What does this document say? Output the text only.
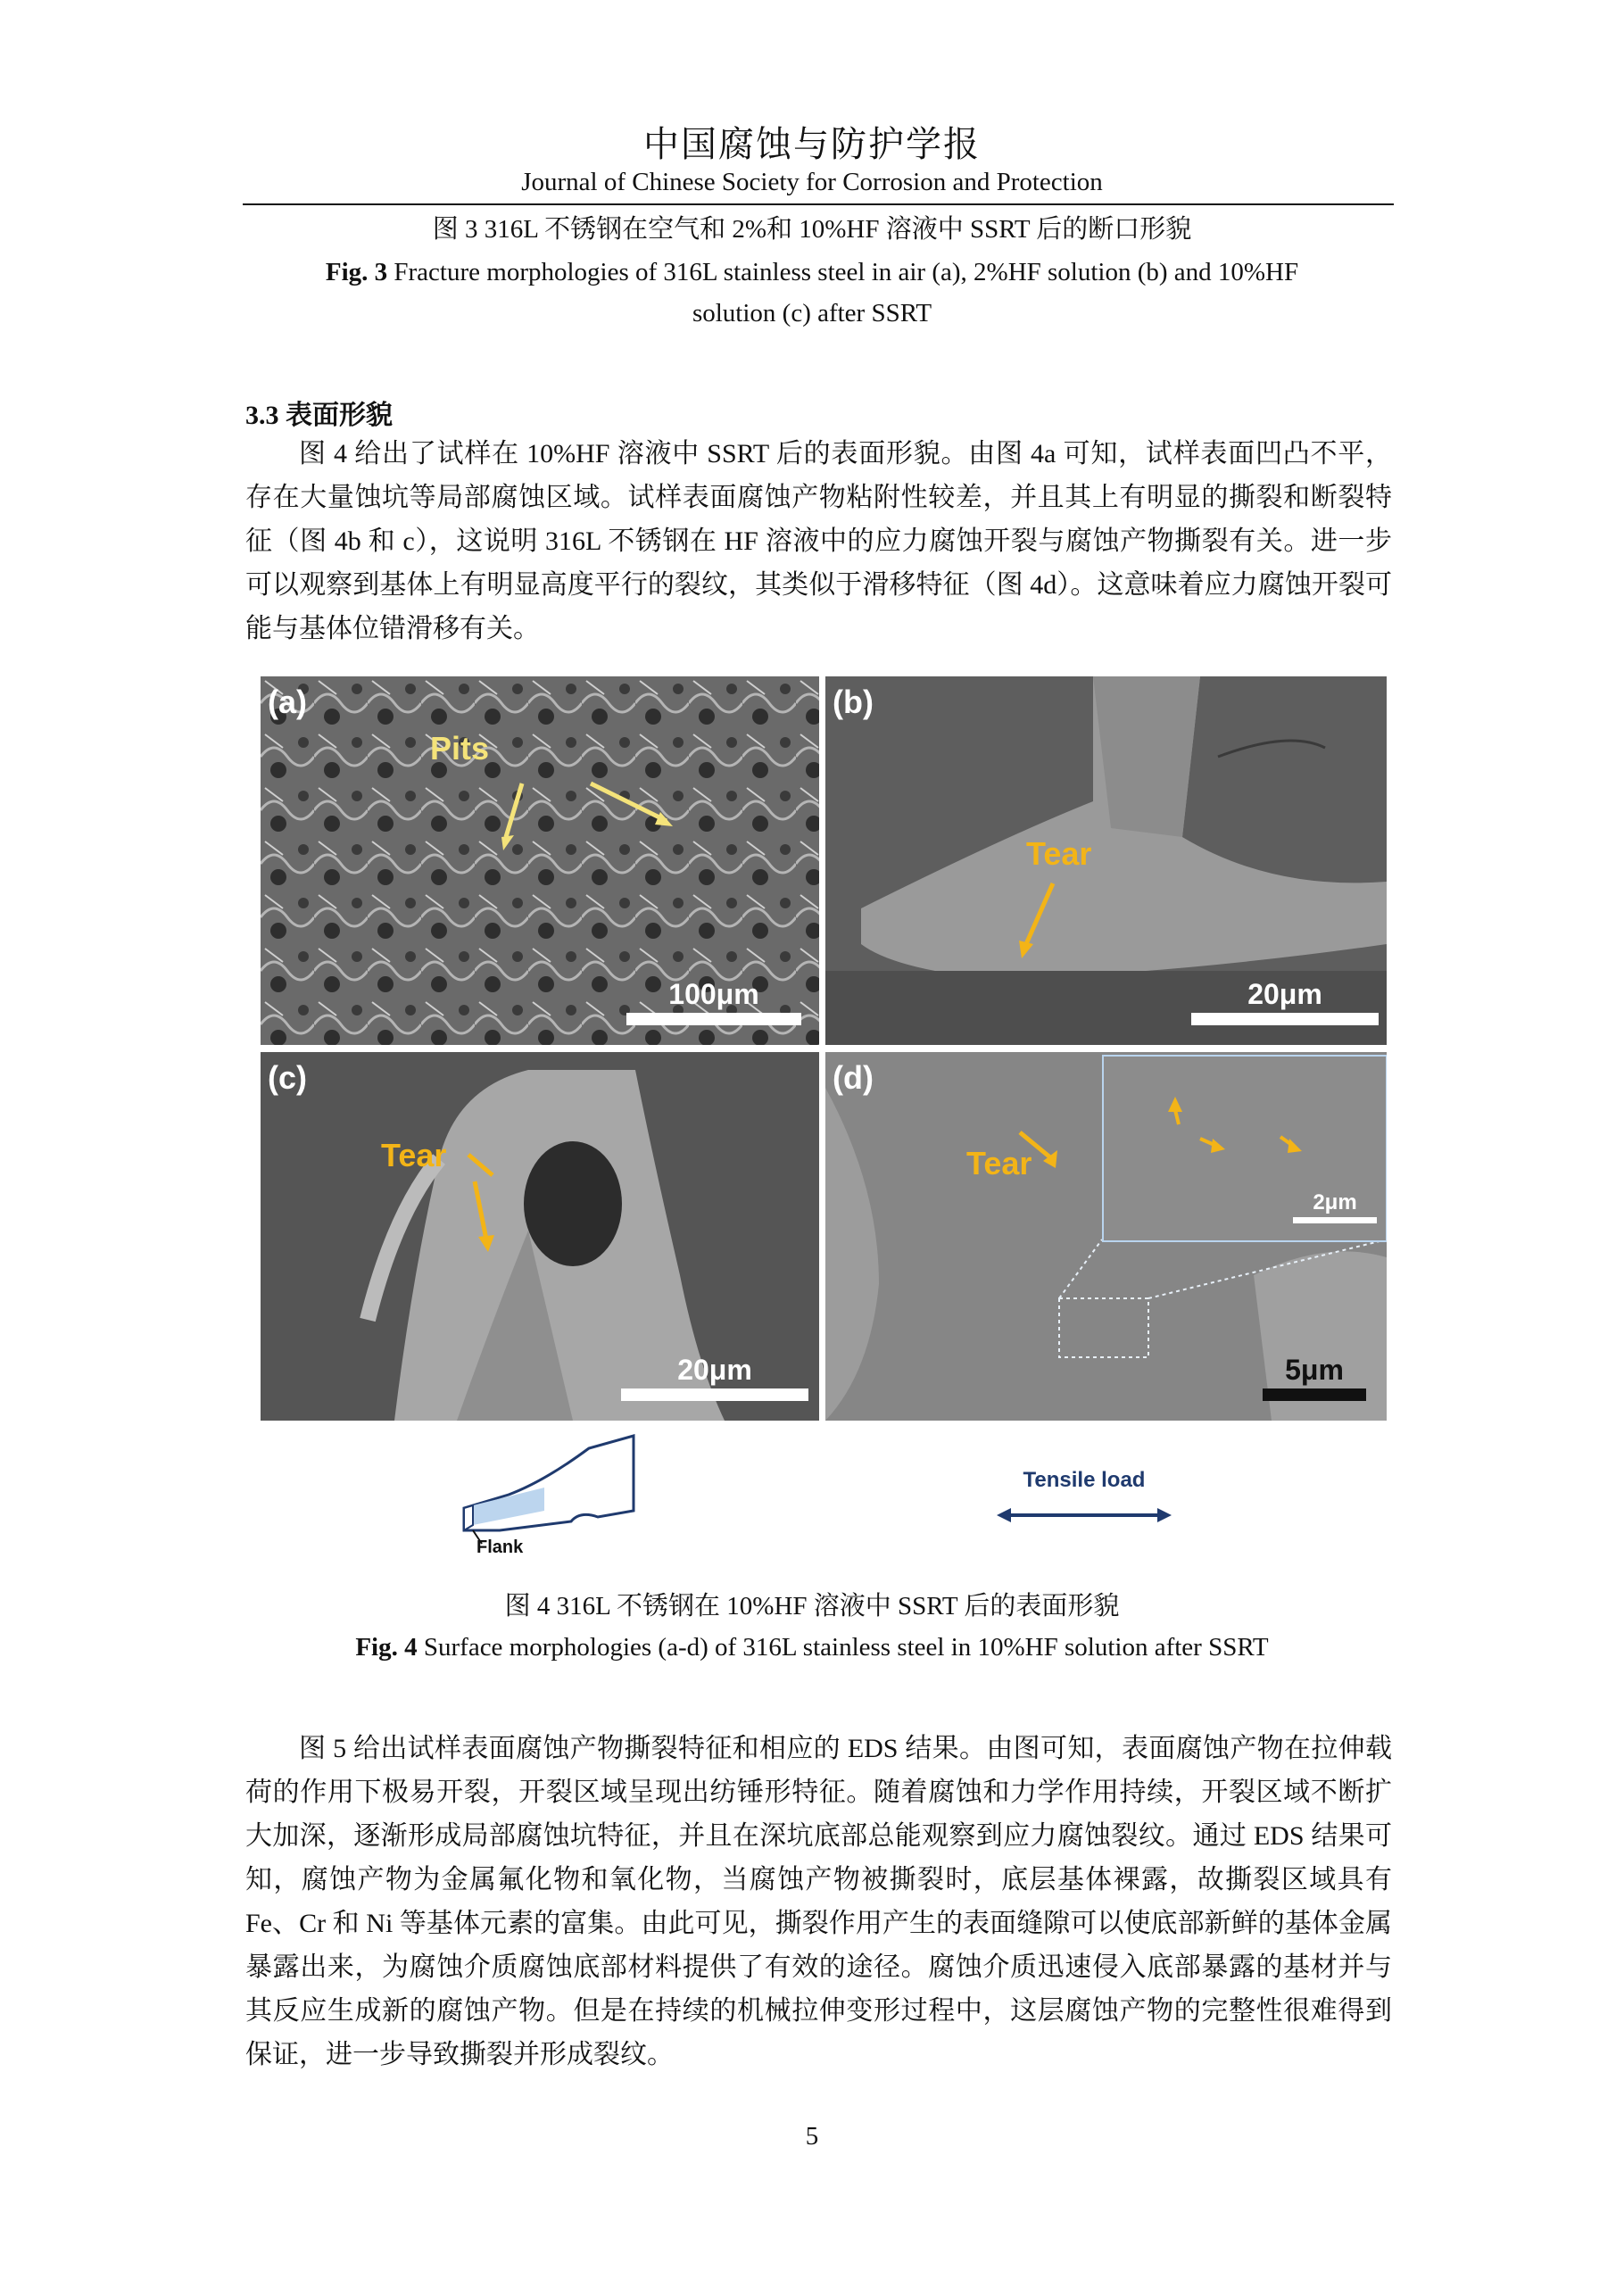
中国腐蚀与防护学报
Journal of Chinese Society for Corrosion and Protection
图 3 316L 不锈钢在空气和 2%和 10%HF 溶液中 SSRT 后的断口形貌
Fig. 3 Fracture morphologies of 316L stainless steel in air (a), 2%HF solution (b) and 10%HF
solution (c) after SSRT
3.3 表面形貌

图 4 给出了试样在 10%HF 溶液中 SSRT 后的表面形貌。由图 4a 可知，试样表面凹凸不平，存在大量蚀坑等局部腐蚀区域。试样表面腐蚀产物粘附性较差，并且其上有明显的撕裂和断裂特征（图 4b 和 c），这说明 316L 不锈钢在 HF 溶液中的应力腐蚀开裂与腐蚀产物撕裂有关。进一步可以观察到基体上有明显高度平行的裂纹，其类似于滑移特征（图 4d）。这意味着应力腐蚀开裂可能与基体位错滑移有关。

(a)
Pits
100μm
(b)
Tear
20μm
(c)
Tear
20μm
(d)
Tear
2μm
5μm
Flank
Tensile load
图 4 316L 不锈钢在 10%HF 溶液中 SSRT 后的表面形貌
Fig. 4 Surface morphologies (a-d) of 316L stainless steel in 10%HF solution after SSRT

图 5 给出试样表面腐蚀产物撕裂特征和相应的 EDS 结果。由图可知，表面腐蚀产物在拉伸载荷的作用下极易开裂，开裂区域呈现出纺锤形特征。随着腐蚀和力学作用持续，开裂区域不断扩大加深，逐渐形成局部腐蚀坑特征，并且在深坑底部总能观察到应力腐蚀裂纹。通过 EDS 结果可知，腐蚀产物为金属氟化物和氧化物，当腐蚀产物被撕裂时，底层基体裸露，故撕裂区域具有 Fe、Cr 和 Ni 等基体元素的富集。由此可见，撕裂作用产生的表面缝隙可以使底部新鲜的基体金属暴露出来，为腐蚀介质腐蚀底部材料提供了有效的途径。腐蚀介质迅速侵入底部暴露的基材并与其反应生成新的腐蚀产物。但是在持续的机械拉伸变形过程中，这层腐蚀产物的完整性很难得到保证，进一步导致撕裂并形成裂纹。

5
